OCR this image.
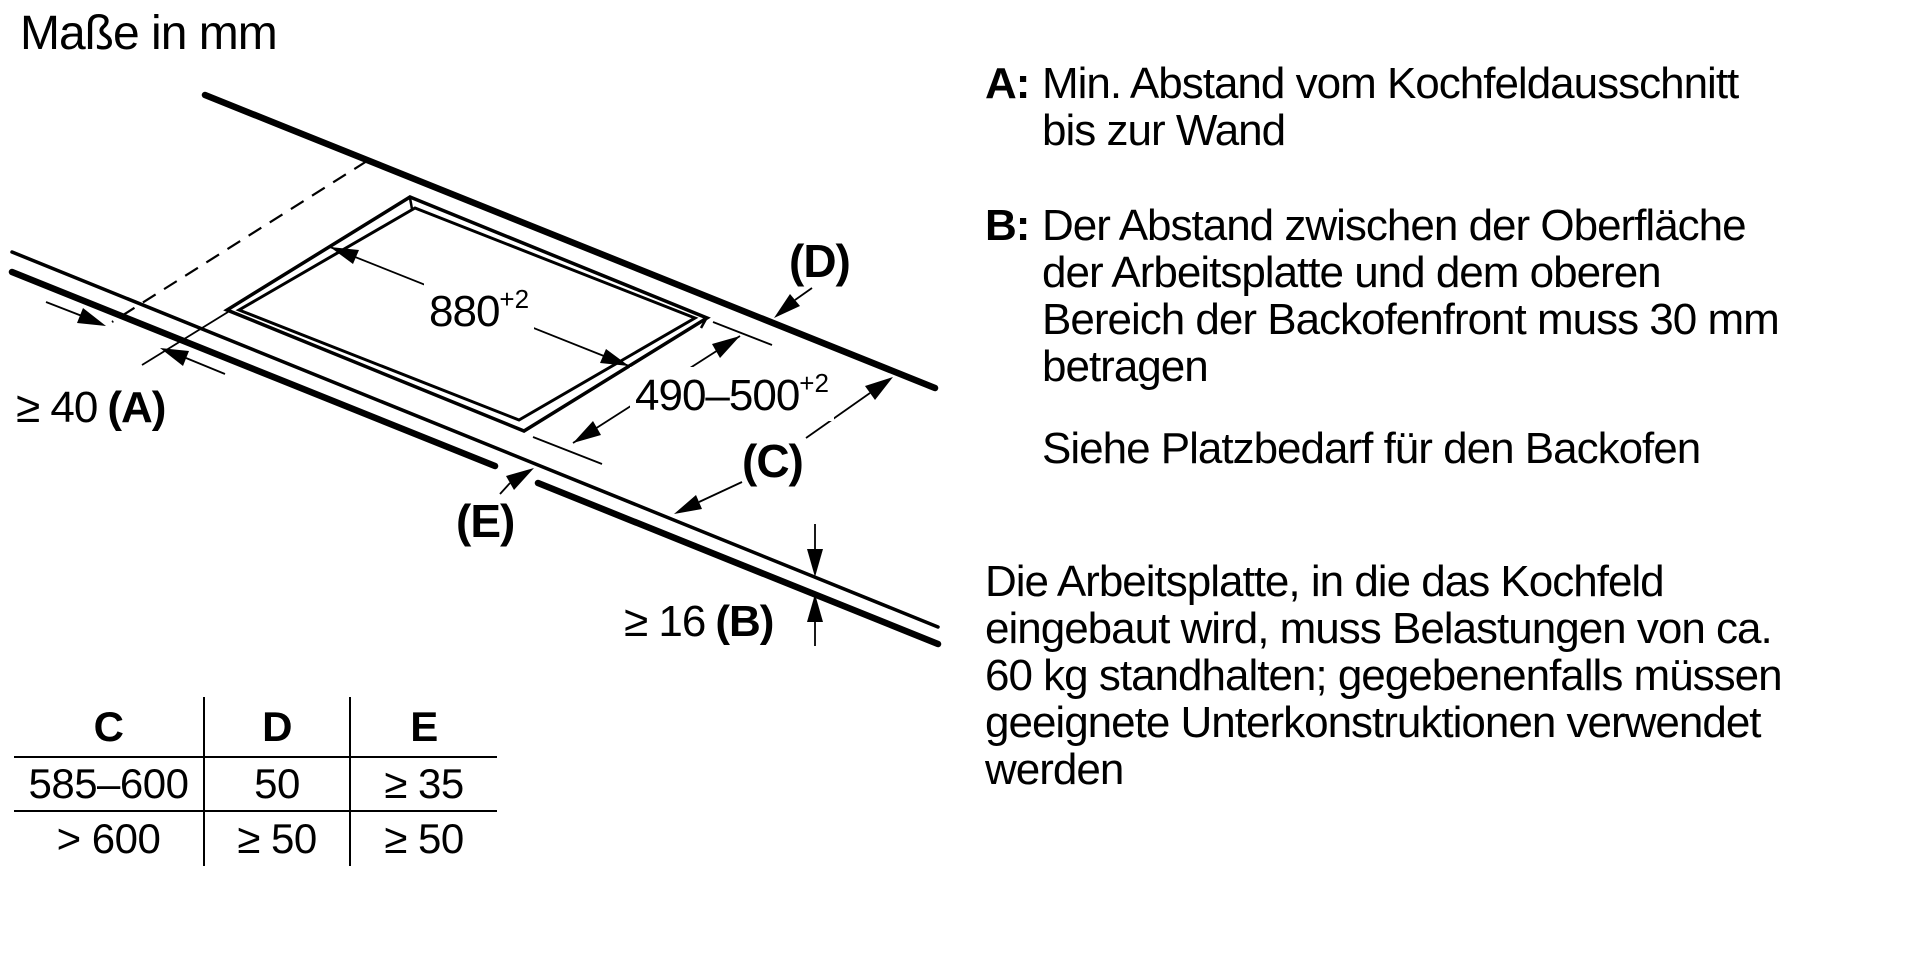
Maße in mm
$880^{+2}$
$490-500^{+2}$
≥ 40 (A)
≥ 16 (B)
(D)
(C)
(E)
C	D	E
585–600	50	≥ 35
> 600	≥ 50	≥ 50
A: Min. Abstand vom Kochfeldausschnitt
bis zur Wand
B: Der Abstand zwischen der Oberfläche
der Arbeitsplatte und dem oberen
Bereich der Backofenfront muss 30 mm
betragen
Siehe Platzbedarf für den Backofen
Die Arbeitsplatte, in die das Kochfeld
eingebaut wird, muss Belastungen von ca.
60 kg standhalten; gegebenenfalls müssen
geeignete Unterkonstruktionen verwendet
werden
